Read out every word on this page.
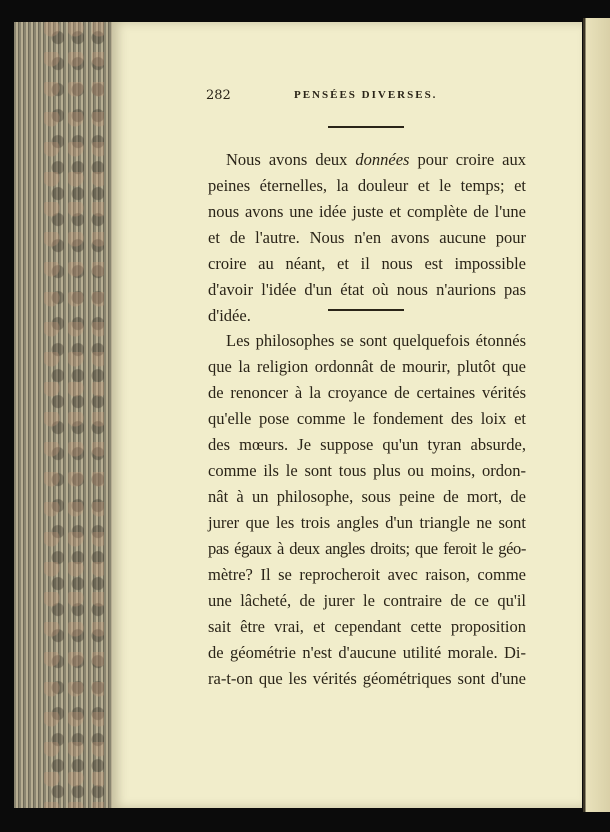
282	PENSÉES DIVERSES.
Nous avons deux données pour croire aux
peines éternelles, la douleur et le temps; et
nous avons une idée juste et complète de l'une
et de l'autre. Nous n'en avons aucune pour
croire au néant, et il nous est impossible
d'avoir l'idée d'un état où nous n'aurions pas
d'idée.
Les philosophes se sont quelquefois étonnés
que la religion ordonnât de mourir, plutôt que
de renoncer à la croyance de certaines vérités
qu'elle pose comme le fondement des loix et
des mœurs. Je suppose qu'un tyran absurde,
comme ils le sont tous plus ou moins, ordon-
nât à un philosophe, sous peine de mort, de
jurer que les trois angles d'un triangle ne sont
pas égaux à deux angles droits; que feroit le géo-
mètre? Il se reprocheroit avec raison, comme
une lâcheté, de jurer le contraire de ce qu'il
sait être vrai, et cependant cette proposition
de géométrie n'est d'aucune utilité morale. Di-
ra-t-on que les vérités géométriques sont d'une
